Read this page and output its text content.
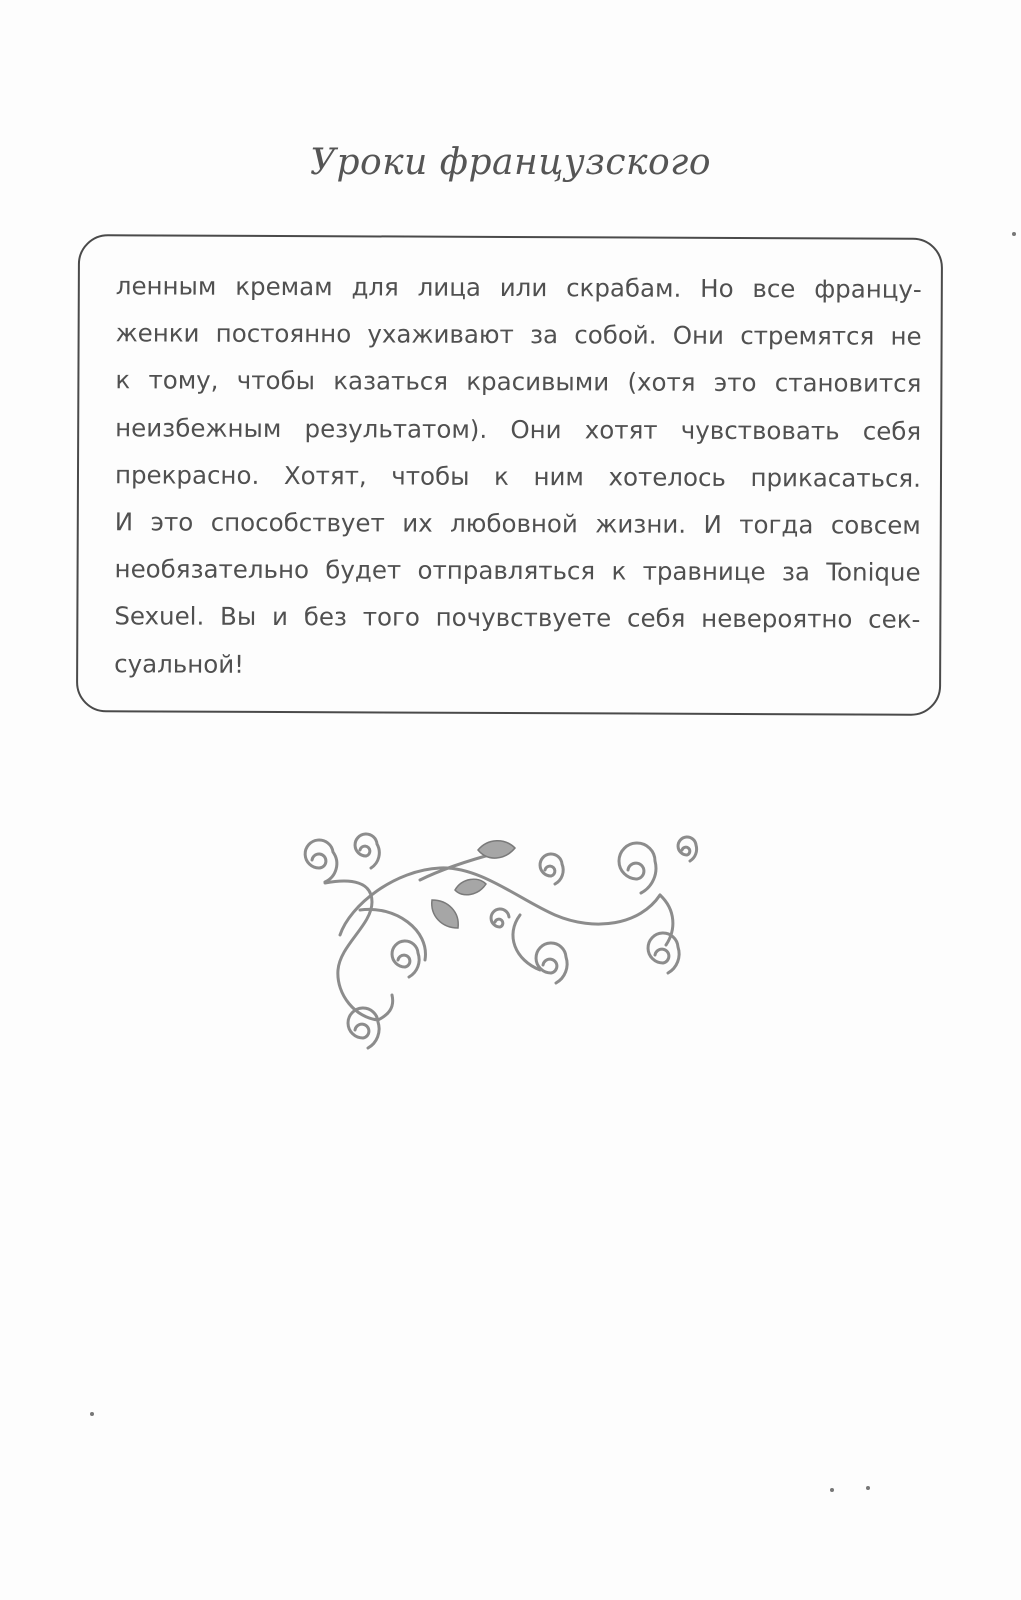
Уроки французского
ленным кремам для лица или скрабам. Но все францу-
женки постоянно ухаживают за собой. Они стремятся не
к тому, чтобы казаться красивыми (хотя это становится
неизбежным результатом). Они хотят чувствовать себя
прекрасно. Хотят, чтобы к ним хотелось прикасаться.
И это способствует их любовной жизни. И тогда совсем
необязательно будет отправляться к травнице за Tonique
Sexuel. Вы и без того почувствуете себя невероятно сек-
суальной!
